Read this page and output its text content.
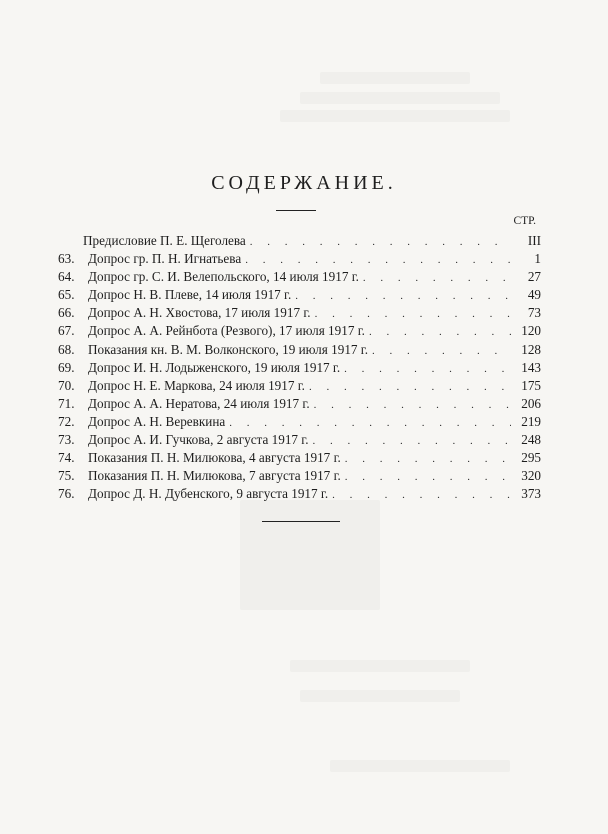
СОДЕРЖАНИЕ.
СТР.
Предисловие П. Е. Щеголева . . .	III
63.	Допрос гр. П. Н. Игнатьева . . .	1
64.	Допрос гр. С. И. Велепольского, 14 июля 1917 г. . . .	27
65.	Допрос Н. В. Плеве, 14 июля 1917 г. . . .	49
66.	Допрос А. Н. Хвостова, 17 июля 1917 г. . . .	73
67.	Допрос А. А. Рейнбота (Резвого), 17 июля 1917 г. . . .	120
68.	Показания кн. В. М. Волконского, 19 июля 1917 г. . . .	128
69.	Допрос И. Н. Лодыженского, 19 июля 1917 г. . . .	143
70.	Допрос Н. Е. Маркова, 24 июля 1917 г. . . .	175
71.	Допрос А. А. Нератова, 24 июля 1917 г. . . .	206
72.	Допрос А. Н. Веревкина . . .	219
73.	Допрос А. И. Гучкова, 2 августа 1917 г. . . .	248
74.	Показания П. Н. Милюкова, 4 августа 1917 г. . . .	295
75.	Показания П. Н. Милюкова, 7 августа 1917 г. . . .	320
76.	Допрос Д. Н. Дубенского, 9 августа 1917 г. . . .	373
